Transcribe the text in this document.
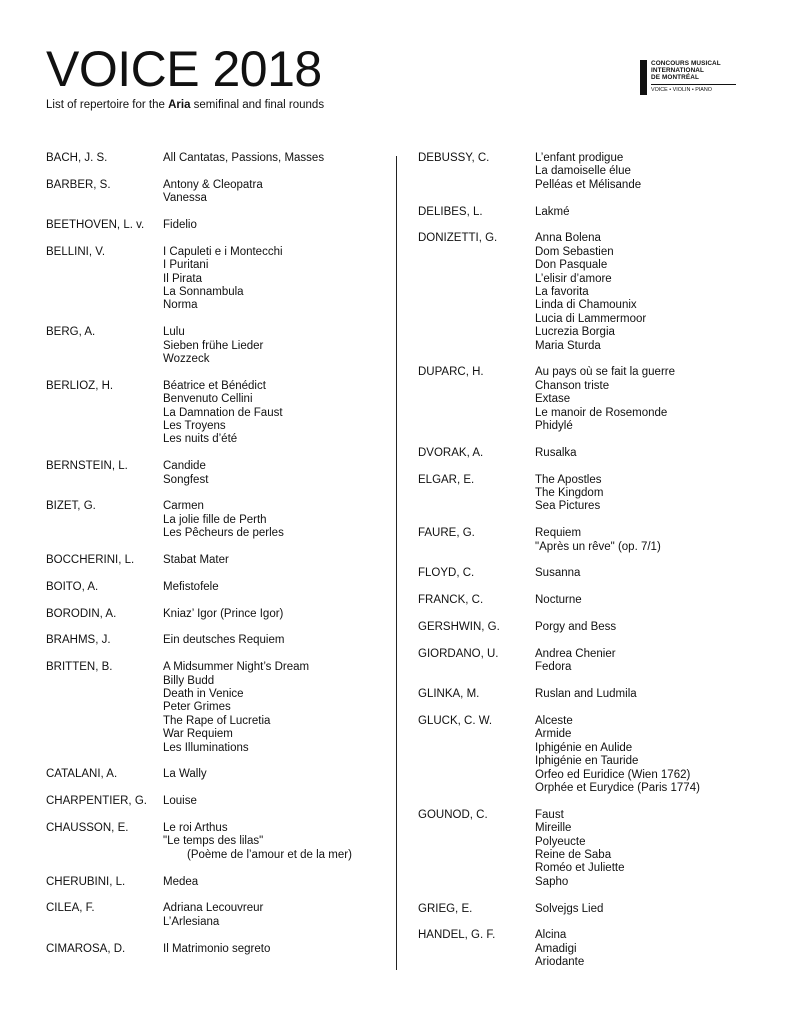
VOICE 2018
List of repertoire for the Aria semifinal and final rounds
CONCOURS MUSICAL
INTERNATIONAL
DE MONTRÉAL
VOICE • VIOLIN • PIANO
BACH, J. S.	All Cantatas, Passions, Masses
BARBER, S.	Antony & Cleopatra
Vanessa
BEETHOVEN, L. v.	Fidelio
BELLINI, V.	I Capuleti e i Montecchi
I Puritani
Il Pirata
La Sonnambula
Norma
BERG, A.	Lulu
Sieben frühe Lieder
Wozzeck
BERLIOZ, H.	Béatrice et Bénédict
Benvenuto Cellini
La Damnation de Faust
Les Troyens
Les nuits d’été
BERNSTEIN, L.	Candide
Songfest
BIZET, G.	Carmen
La jolie fille de Perth
Les Pêcheurs de perles
BOCCHERINI, L.	Stabat Mater
BOITO, A.	Mefistofele
BORODIN, A.	Kniaz’ Igor (Prince Igor)
BRAHMS, J.	Ein deutsches Requiem
BRITTEN, B.	A Midsummer Night’s Dream
Billy Budd
Death in Venice
Peter Grimes
The Rape of Lucretia
War Requiem
Les Illuminations
CATALANI, A.	La Wally
CHARPENTIER, G.	Louise
CHAUSSON, E.	Le roi Arthus
"Le temps des lilas"
(Poème de l’amour et de la mer)
CHERUBINI, L.	Medea
CILEA, F.	Adriana Lecouvreur
L’Arlesiana
CIMAROSA, D.	Il Matrimonio segreto
DEBUSSY, C.	L’enfant prodigue
La damoiselle élue
Pelléas et Mélisande
DELIBES, L.	Lakmé
DONIZETTI, G.	Anna Bolena
Dom Sebastien
Don Pasquale
L’elisir d’amore
La favorita
Linda di Chamounix
Lucia di Lammermoor
Lucrezia Borgia
Maria Sturda
DUPARC, H.	Au pays où se fait la guerre
Chanson triste
Extase
Le manoir de Rosemonde
Phidylé
DVORAK, A.	Rusalka
ELGAR, E.	The Apostles
The Kingdom
Sea Pictures
FAURE, G.	Requiem
"Après un rêve" (op. 7/1)
FLOYD, C.	Susanna
FRANCK, C.	Nocturne
GERSHWIN, G.	Porgy and Bess
GIORDANO, U.	Andrea Chenier
Fedora
GLINKA, M.	Ruslan and Ludmila
GLUCK, C. W.	Alceste
Armide
Iphigénie en Aulide
Iphigénie en Tauride
Orfeo ed Euridice (Wien 1762)
Orphée et Eurydice (Paris 1774)
GOUNOD, C.	Faust
Mireille
Polyeucte
Reine de Saba
Roméo et Juliette
Sapho
GRIEG, E.	Solvejgs Lied
HANDEL, G. F.	Alcina
Amadigi
Ariodante
